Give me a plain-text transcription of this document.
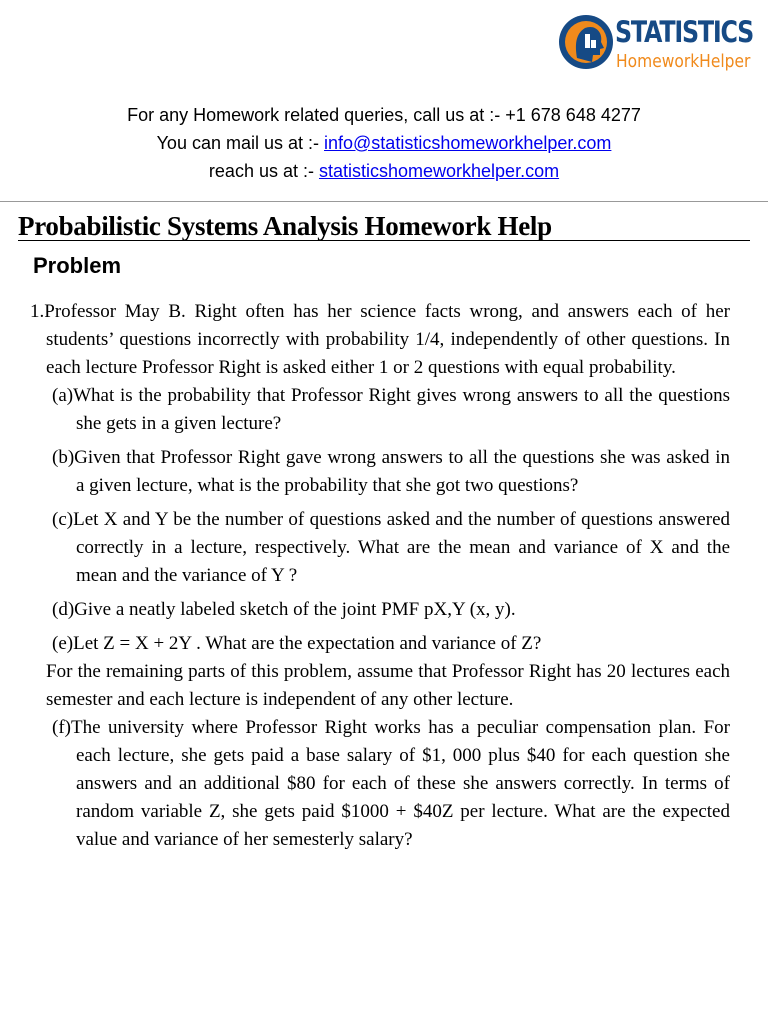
STATISTICS
HomeworkHelper
For any Homework related queries, call us at :- +1 678 648 4277
You can mail us at :- info@statisticshomeworkhelper.com
reach us at :- statisticshomeworkhelper.com
Probabilistic Systems Analysis Homework Help
Problem
1.Professor May B. Right often has her science facts wrong, and answers each of her students’ questions incorrectly with probability 1/4, independently of other questions. In each lecture Professor Right is asked either 1 or 2 questions with equal probability.
(a)What is the probability that Professor Right gives wrong answers to all the questions she gets in a given lecture?
(b)Given that Professor Right gave wrong answers to all the questions she was asked in a given lecture, what is the probability that she got two questions?
(c)Let X and Y be the number of questions asked and the number of questions answered correctly in a lecture, respectively. What are the mean and variance of X and the mean and the variance of Y ?
(d)Give a neatly labeled sketch of the joint PMF pX,Y (x, y).
(e)Let Z = X + 2Y . What are the expectation and variance of Z?
For the remaining parts of this problem, assume that Professor Right has 20 lectures each semester and each lecture is independent of any other lecture.
(f)The university where Professor Right works has a peculiar compensation plan. For each lecture, she gets paid a base salary of $1, 000 plus $40 for each question she answers and an additional $80 for each of these she answers correctly. In terms of random variable Z, she gets paid $1000 + $40Z per lecture. What are the expected value and variance of her semesterly salary?
